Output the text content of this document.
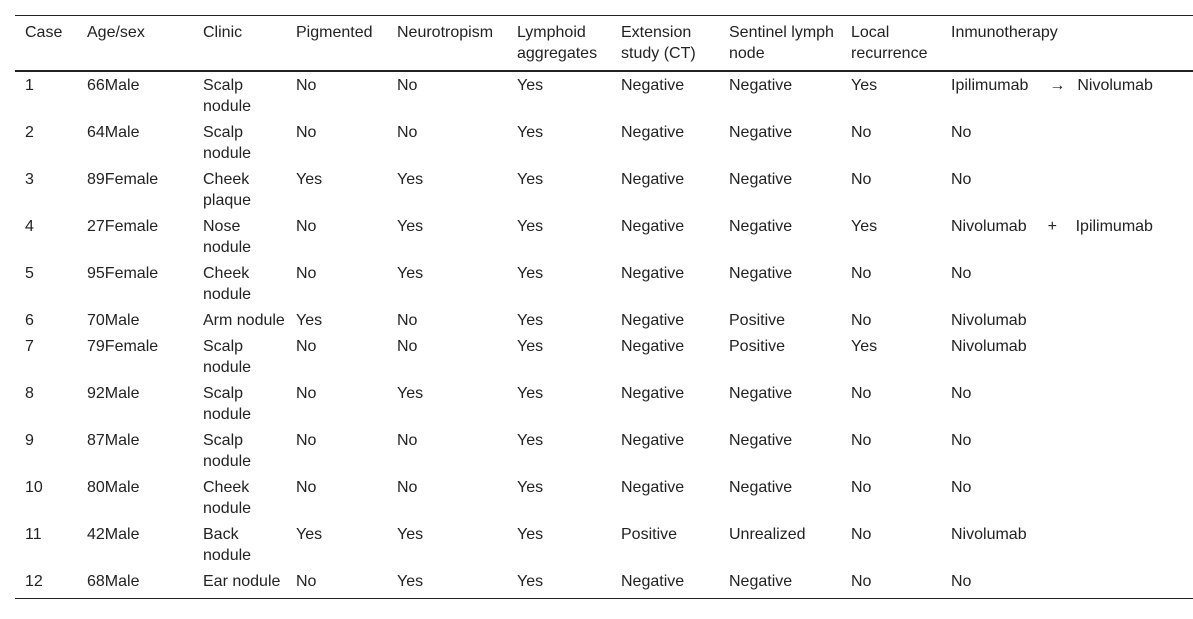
Case	Age/sex	Clinic	Pigmented	Neurotropism	Lymphoid aggregates	Extension study (CT)	Sentinel lymph node	Local recurrence	Inmunotherapy
1	66Male	Scalp nodule	No	No	Yes	Negative	Negative	Yes	Ipilimumab → Nivolumab

2	64Male	Scalp nodule	No	No	Yes	Negative	Negative	No	No

3	89Female	Cheek plaque	Yes	Yes	Yes	Negative	Negative	No	No

4	27Female	Nose nodule	No	Yes	Yes	Negative	Negative	Yes	Nivolumab + Ipilimumab

5	95Female	Cheek nodule	No	Yes	Yes	Negative	Negative	No	No

6	70Male	Arm nodule	Yes	No	Yes	Negative	Positive	No	Nivolumab

7	79Female	Scalp nodule	No	No	Yes	Negative	Positive	Yes	Nivolumab

8	92Male	Scalp nodule	No	Yes	Yes	Negative	Negative	No	No

9	87Male	Scalp nodule	No	No	Yes	Negative	Negative	No	No

10	80Male	Cheek nodule	No	No	Yes	Negative	Negative	No	No

11	42Male	Back nodule	Yes	Yes	Yes	Positive	Unrealized	No	Nivolumab

12	68Male	Ear nodule	No	Yes	Yes	Negative	Negative	No	No
